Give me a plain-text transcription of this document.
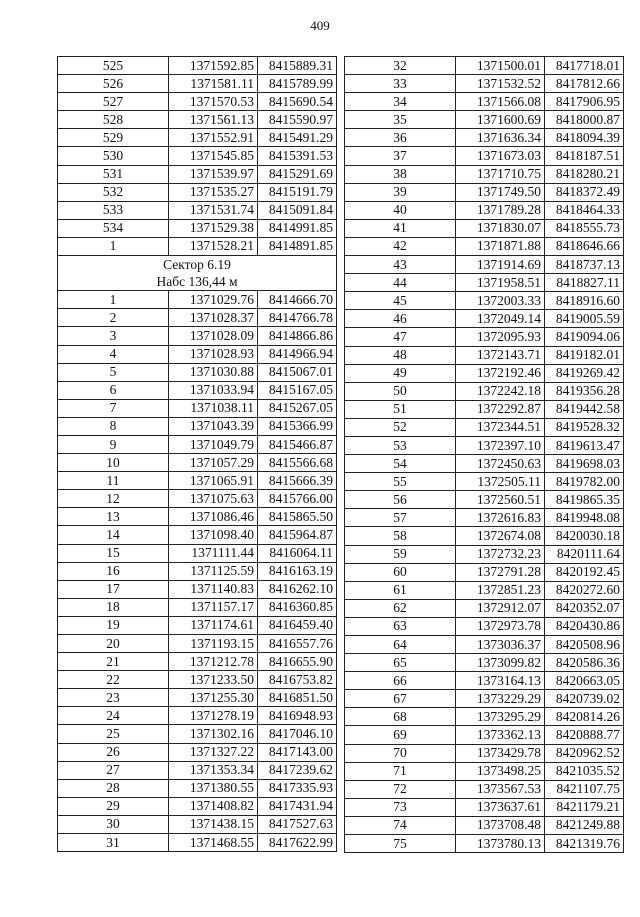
409
525	1371592.85	8415889.31
526	1371581.11	8415789.99
527	1371570.53	8415690.54
528	1371561.13	8415590.97
529	1371552.91	8415491.29
530	1371545.85	8415391.53
531	1371539.97	8415291.69
532	1371535.27	8415191.79
533	1371531.74	8415091.84
534	1371529.38	8414991.85
1	1371528.21	8414891.85
Сектор 6.19		
Набс 136,44 м		
1	1371029.76	8414666.70
2	1371028.37	8414766.78
3	1371028.09	8414866.86
4	1371028.93	8414966.94
5	1371030.88	8415067.01
6	1371033.94	8415167.05
7	1371038.11	8415267.05
8	1371043.39	8415366.99
9	1371049.79	8415466.87
10	1371057.29	8415566.68
11	1371065.91	8415666.39
12	1371075.63	8415766.00
13	1371086.46	8415865.50
14	1371098.40	8415964.87
15	1371111.44	8416064.11
16	1371125.59	8416163.19
17	1371140.83	8416262.10
18	1371157.17	8416360.85
19	1371174.61	8416459.40
20	1371193.15	8416557.76
21	1371212.78	8416655.90
22	1371233.50	8416753.82
23	1371255.30	8416851.50
24	1371278.19	8416948.93
25	1371302.16	8417046.10
26	1371327.22	8417143.00
27	1371353.34	8417239.62
28	1371380.55	8417335.93
29	1371408.82	8417431.94
30	1371438.15	8417527.63
31	1371468.55	8417622.99
32	1371500.01	8417718.01
33	1371532.52	8417812.66
34	1371566.08	8417906.95
35	1371600.69	8418000.87
36	1371636.34	8418094.39
37	1371673.03	8418187.51
38	1371710.75	8418280.21
39	1371749.50	8418372.49
40	1371789.28	8418464.33
41	1371830.07	8418555.73
42	1371871.88	8418646.66
43	1371914.69	8418737.13
44	1371958.51	8418827.11
45	1372003.33	8418916.60
46	1372049.14	8419005.59
47	1372095.93	8419094.06
48	1372143.71	8419182.01
49	1372192.46	8419269.42
50	1372242.18	8419356.28
51	1372292.87	8419442.58
52	1372344.51	8419528.32
53	1372397.10	8419613.47
54	1372450.63	8419698.03
55	1372505.11	8419782.00
56	1372560.51	8419865.35
57	1372616.83	8419948.08
58	1372674.08	8420030.18
59	1372732.23	8420111.64
60	1372791.28	8420192.45
61	1372851.23	8420272.60
62	1372912.07	8420352.07
63	1372973.78	8420430.86
64	1373036.37	8420508.96
65	1373099.82	8420586.36
66	1373164.13	8420663.05
67	1373229.29	8420739.02
68	1373295.29	8420814.26
69	1373362.13	8420888.77
70	1373429.78	8420962.52
71	1373498.25	8421035.52
72	1373567.53	8421107.75
73	1373637.61	8421179.21
74	1373708.48	8421249.88
75	1373780.13	8421319.76
